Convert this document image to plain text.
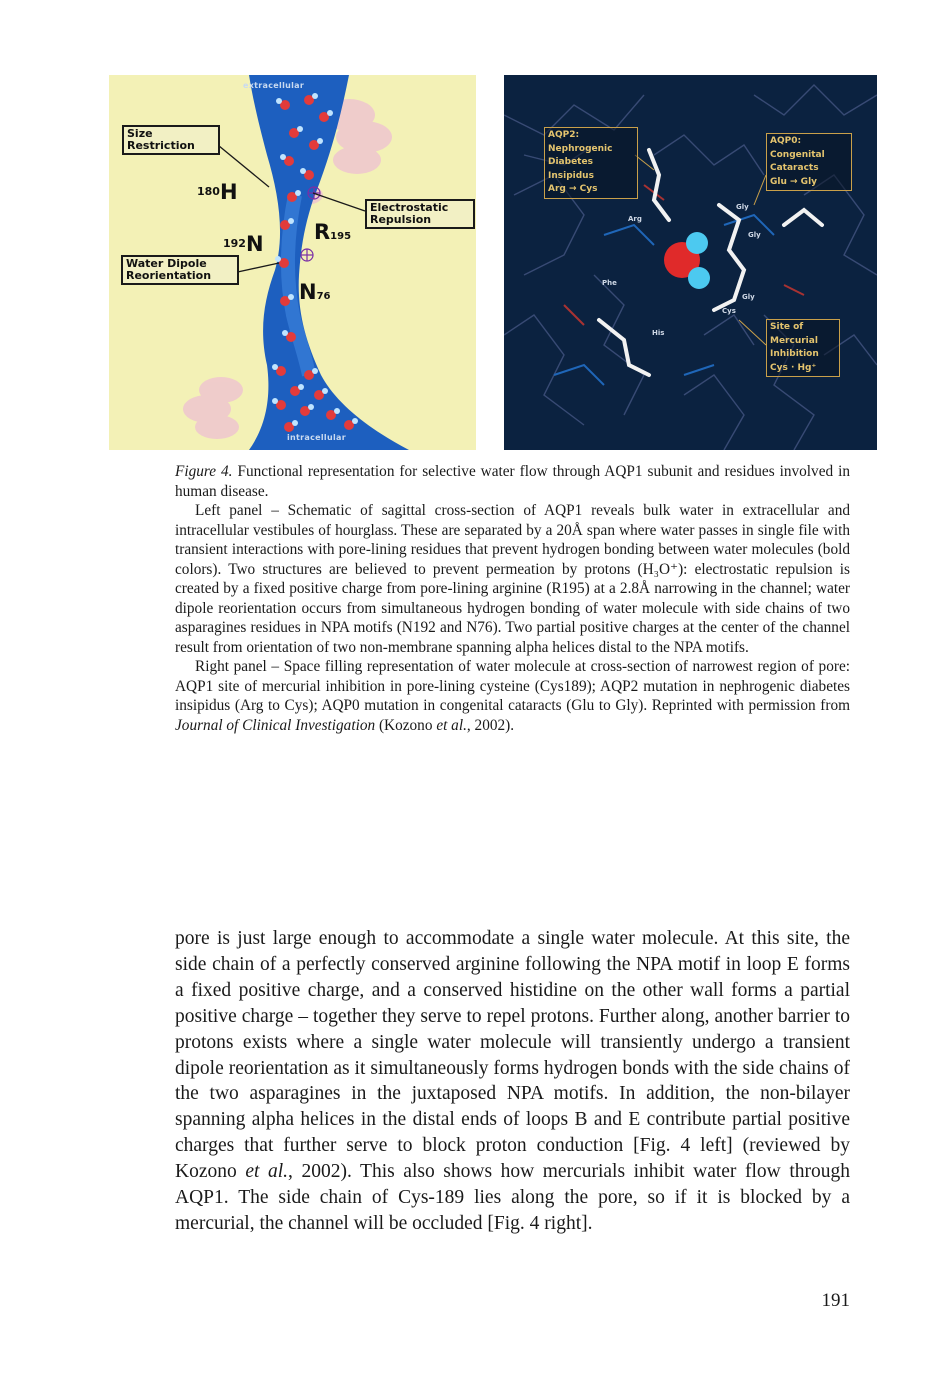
extracellular
intracellular
Size Restriction
Electrostatic Repulsion
Water Dipole Reorientation
$^{180}$H
$^{192}$N R195
N76
AQP2:
Nephrogenic
Diabetes
Insipidus
Arg → Cys
AQP0:
Congenital
Cataracts
Glu → Gly
Site of
Mercurial
Inhibition
Cys · Hg⁺
Arg
Gly
Gly
Phe
Gly
Cys
His

Figure 4. Functional representation for selective water flow through AQP1 subunit and residues involved in human disease.

Left panel – Schematic of sagittal cross-section of AQP1 reveals bulk water in extracellular and intracellular vestibules of hourglass. These are separated by a 20Å span where water passes in single file with transient interactions with pore-lining residues that prevent hydrogen bonding between water molecules (bold colors). Two structures are believed to prevent permeation by protons (H₃O⁺): electrostatic repulsion is created by a fixed positive charge from pore-lining arginine (R195) at a 2.8Å narrowing in the channel; water dipole reorientation occurs from simultaneous hydrogen bonding of water molecule with side chains of two asparagines residues in NPA motifs (N192 and N76). Two partial positive charges at the center of the channel result from orientation of two non-membrane spanning alpha helices distal to the NPA motifs.

Right panel – Space filling representation of water molecule at cross-section of narrowest region of pore: AQP1 site of mercurial inhibition in pore-lining cysteine (Cys189); AQP2 mutation in nephrogenic diabetes insipidus (Arg to Cys); AQP0 mutation in congenital cataracts (Glu to Gly). Reprinted with permission from Journal of Clinical Investigation (Kozono et al., 2002).

pore is just large enough to accommodate a single water molecule. At this site, the side chain of a perfectly conserved arginine following the NPA motif in loop E forms a fixed positive charge, and a conserved histidine on the other wall forms a partial positive charge – together they serve to repel protons. Further along, another barrier to protons exists where a single water molecule will transiently undergo a transient dipole reorientation as it simultaneously forms hydrogen bonds with the side chains of the two asparagines in the juxtaposed NPA motifs. In addition, the non-bilayer spanning alpha helices in the distal ends of loops B and E contribute partial positive charges that further serve to block proton conduction [Fig. 4 left] (reviewed by Kozono et al., 2002). This also shows how mercurials inhibit water flow through AQP1. The side chain of Cys-189 lies along the pore, so if it is blocked by a mercurial, the channel will be occluded [Fig. 4 right].

191
